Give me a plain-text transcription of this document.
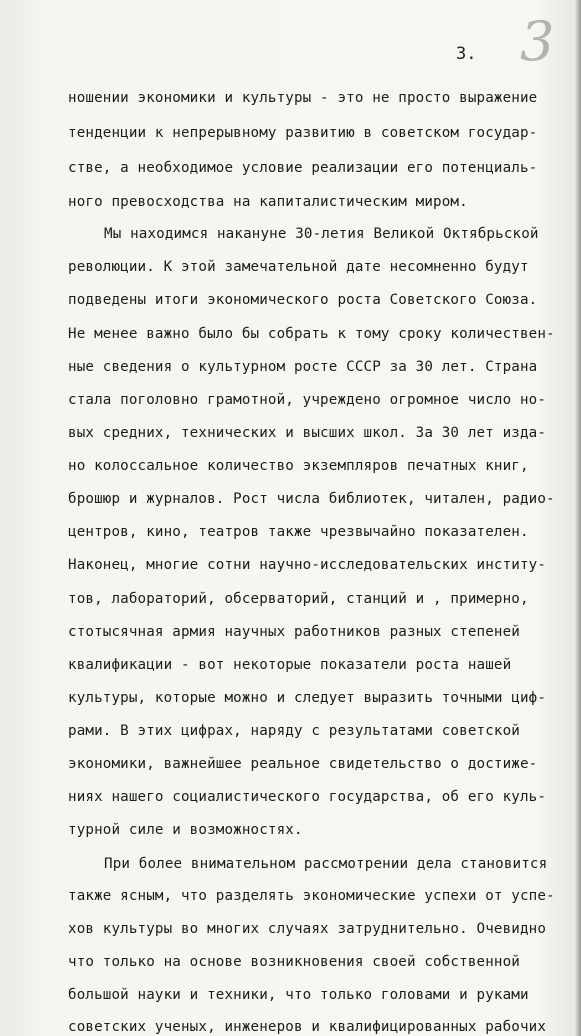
3

3.

ношении экономики и культуры - это не просто выражение
тенденции к непрерывному развитию в советском государ-
стве, а необходимое условие реализации его потенциаль-
ного превосходства на капиталистическим миром.
Мы находимся накануне 30-летия Великой Октябрьской
революции. К этой замечательной дате несомненно будут
подведены итоги экономического роста Советского Союза.
Не менее важно было бы собрать к тому сроку количествен-
ные сведения о культурном росте СССР за 30 лет. Страна
стала поголовно грамотной, учреждено огромное число но-
вых средних, технических и высших школ. За 30 лет изда-
но колоссальное количество экземпляров печатных книг,
брошюр и журналов. Рост числа библиотек, читален, радио-
центров, кино, театров также чрезвычайно показателен.
Наконец, многие сотни научно-исследовательских институ-
тов, лабораторий, обсерваторий, станций и , примерно,
стотысячная армия научных работников разных степеней
квалификации - вот некоторые показатели роста нашей
культуры, которые можно и следует выразить точными циф-
рами. В этих цифрах, наряду с результатами советской
экономики, важнейшее реальное свидетельство о достиже-
ниях нашего социалистического государства, об его куль-
турной силе и возможностях.
При более внимательном рассмотрении дела становится
также ясным, что разделять экономические успехи от успе-
хов культуры во многих случаях затруднительно. Очевидно
что только на основе возникновения своей собственной
большой науки и техники, что только головами и руками
советских ученых, инженеров и квалифицированных рабочих
